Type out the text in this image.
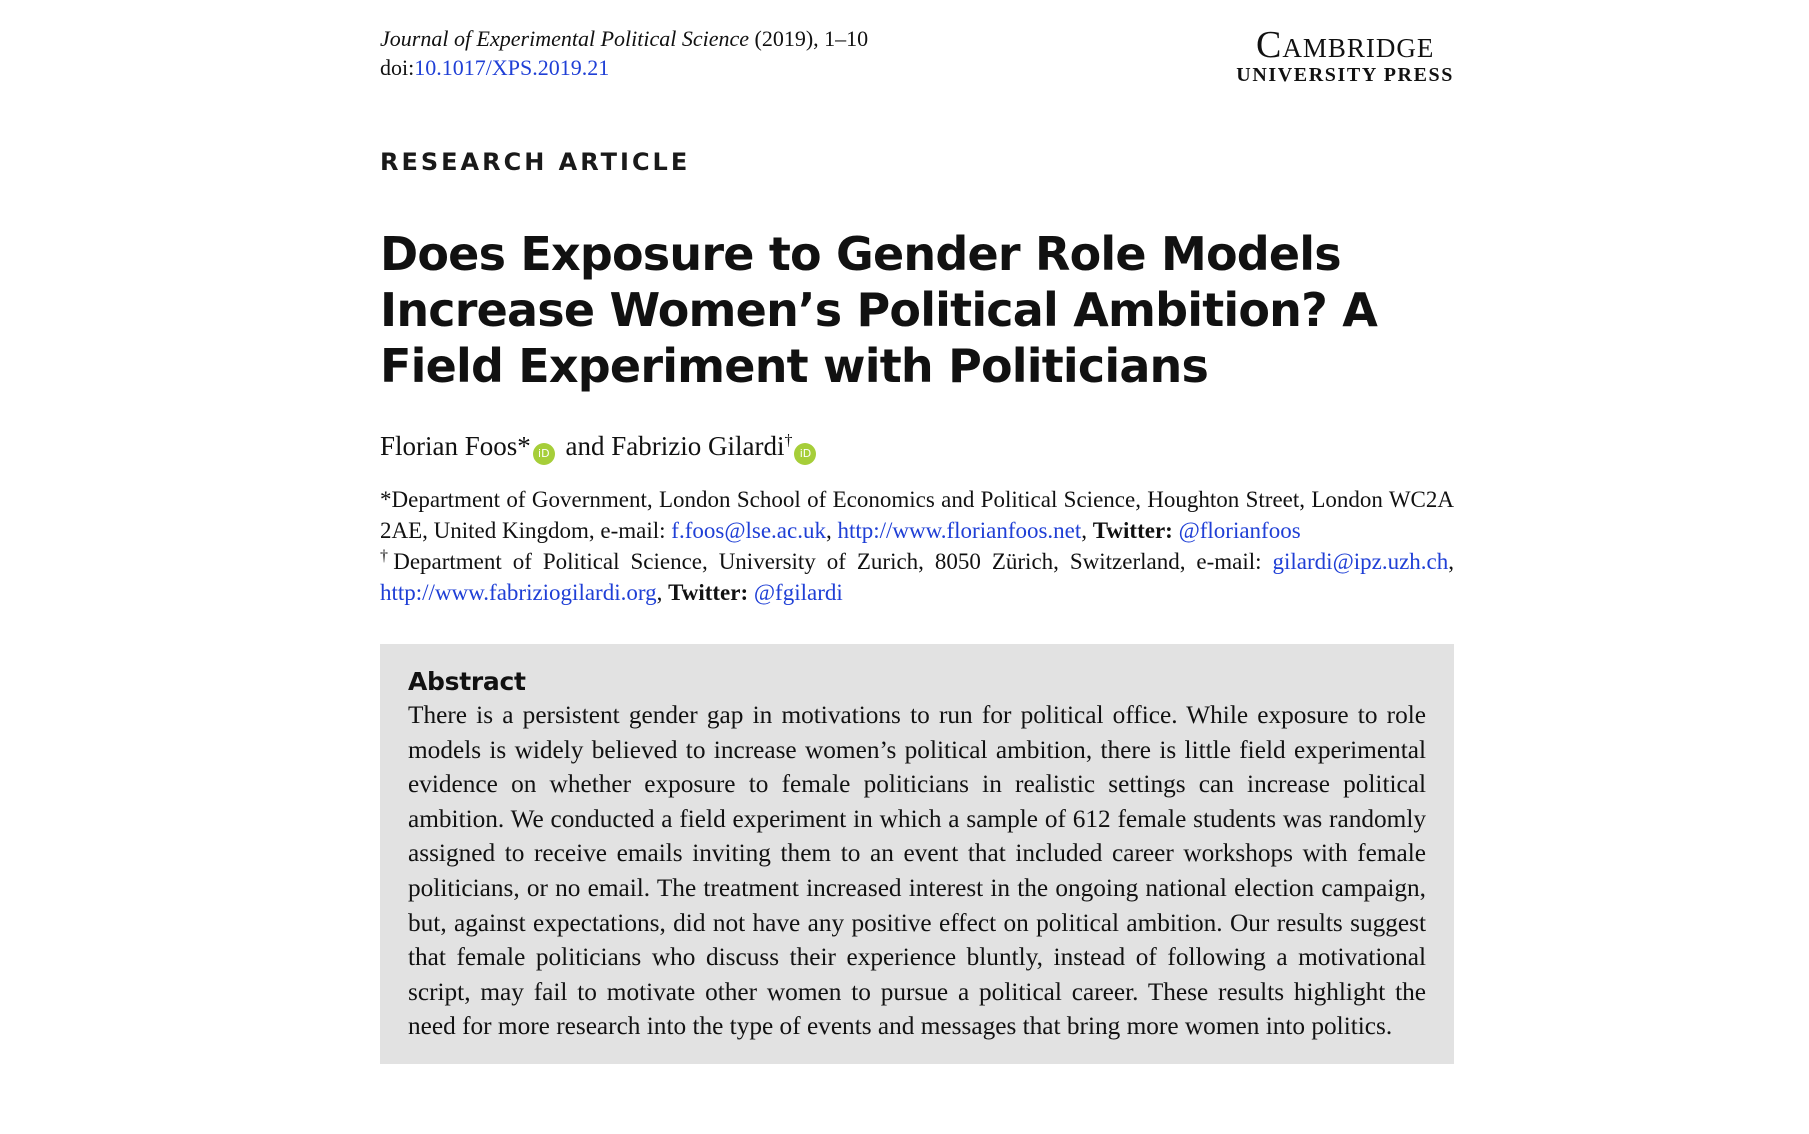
Journal of Experimental Political Science (2019), 1–10
doi:10.1017/XPS.2019.21
Cambridge
UNIVERSITY PRESS
RESEARCH ARTICLE
Does Exposure to Gender Role Models Increase Women’s Political Ambition? A Field Experiment with Politicians
Florian Foos* iD and Fabrizio Gilardi†iD
*Department of Government, London School of Economics and Political Science, Houghton Street, London WC2A 2AE, United Kingdom, e-mail: f.foos@lse.ac.uk, http://www.florianfoos.net, Twitter: @florianfoos
†Department of Political Science, University of Zurich, 8050 Zürich, Switzerland, e-mail: gilardi@ipz.uzh.ch, http://www.fabriziogilardi.org, Twitter: @fgilardi
Abstract
There is a persistent gender gap in motivations to run for political office. While exposure to role models is widely believed to increase women’s political ambition, there is little field experimental evidence on whether exposure to female politicians in realistic settings can increase political ambition. We conducted a field experiment in which a sample of 612 female students was randomly assigned to receive emails inviting them to an event that included career workshops with female politicians, or no email. The treatment increased interest in the ongoing national election campaign, but, against expectations, did not have any positive effect on political ambition. Our results suggest that female politicians who discuss their experience bluntly, instead of following a motivational script, may fail to motivate other women to pursue a political career. These results highlight the need for more research into the type of events and messages that bring more women into politics.
